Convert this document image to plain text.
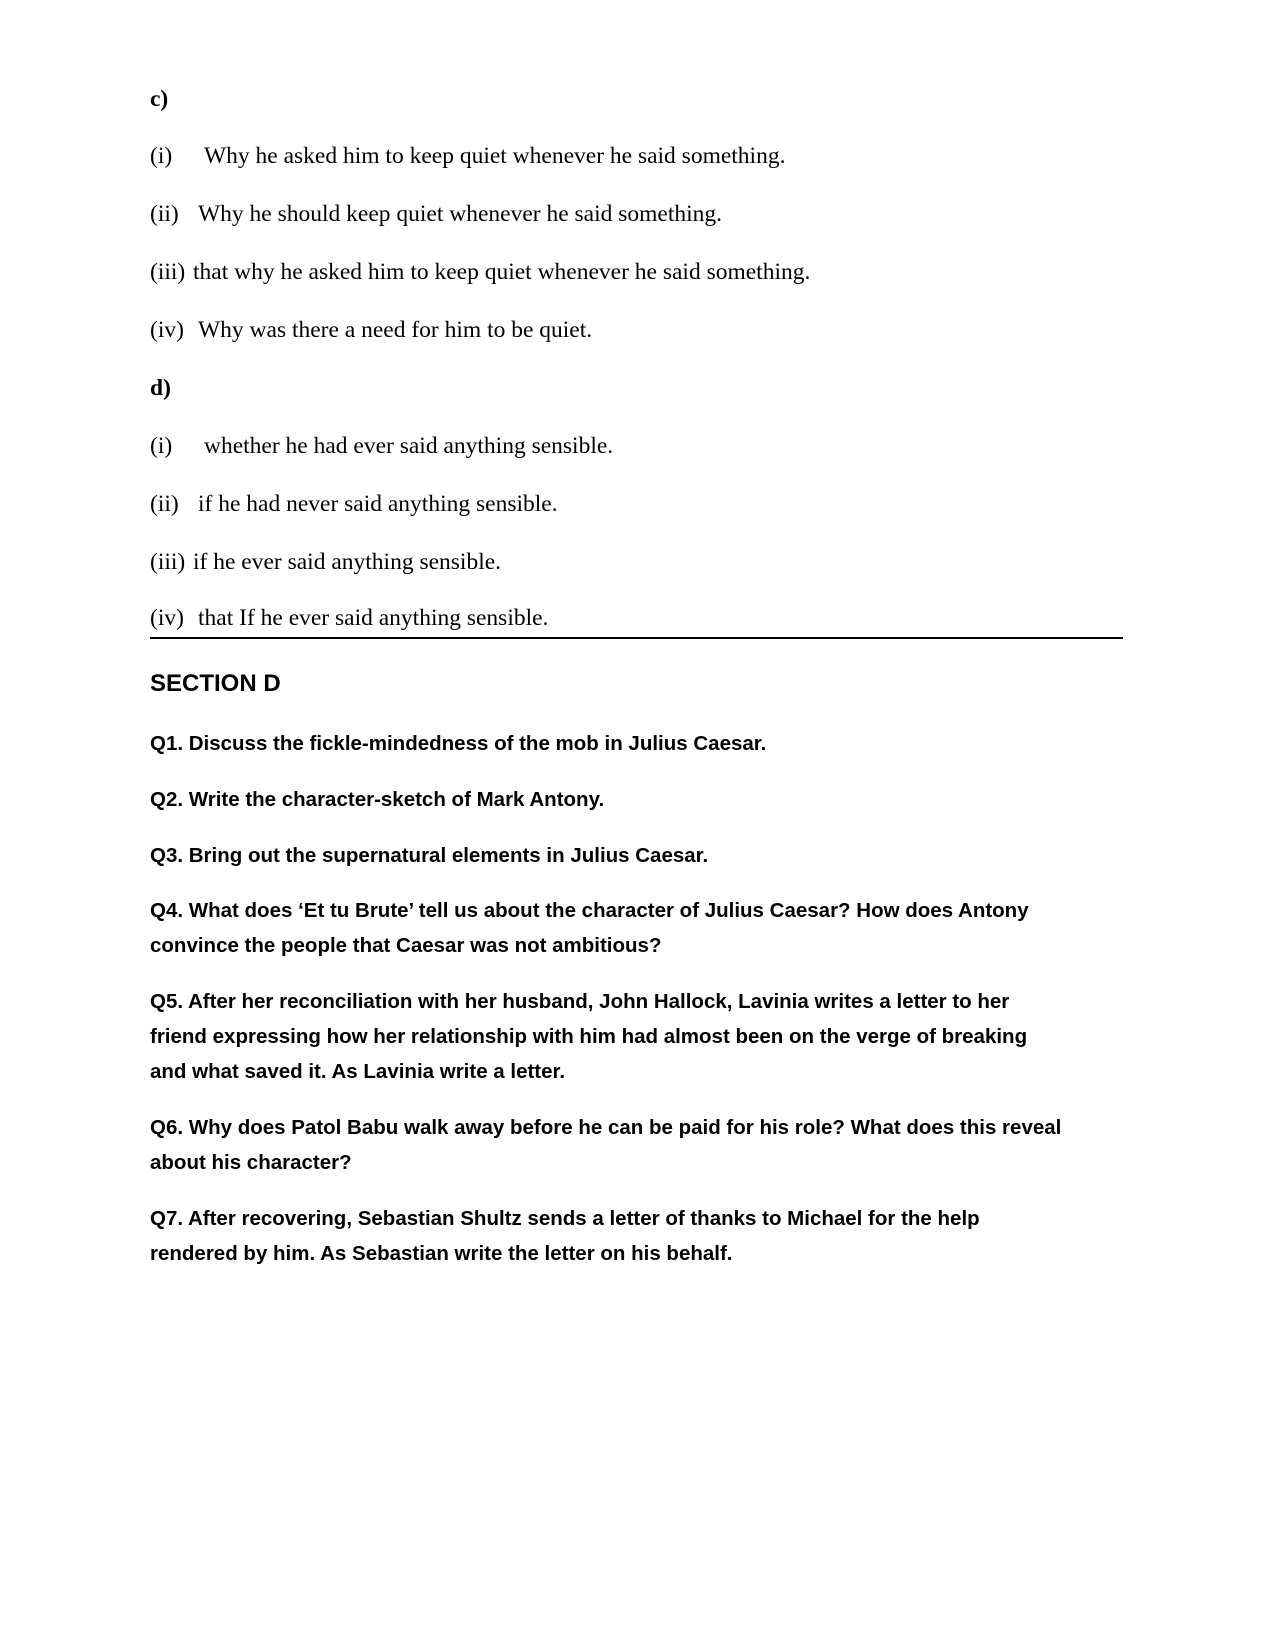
c)
(i) Why he asked him to keep quiet whenever he said something.
(ii) Why he should keep quiet whenever he said something.
(iii) that why he asked him to keep quiet whenever he said something.
(iv) Why was there a need for him to be quiet.
d)
(i) whether he had ever said anything sensible.
(ii) if he had never said anything sensible.
(iii) if he ever said anything sensible.
(iv) that If he ever said anything sensible.
SECTION D
Q1. Discuss the fickle-mindedness of the mob in Julius Caesar.
Q2. Write the character-sketch of Mark Antony.
Q3. Bring out the supernatural elements in Julius Caesar.
Q4. What does ‘Et tu Brute’ tell us about the character of Julius Caesar? How does Antony
convince the people that Caesar was not ambitious?
Q5. After her reconciliation with her husband, John Hallock, Lavinia writes a letter to her
friend expressing how her relationship with him had almost been on the verge of breaking
and what saved it. As Lavinia write a letter.
Q6. Why does Patol Babu walk away before he can be paid for his role? What does this reveal
about his character?
Q7. After recovering, Sebastian Shultz sends a letter of thanks to Michael for the help
rendered by him. As Sebastian write the letter on his behalf.
